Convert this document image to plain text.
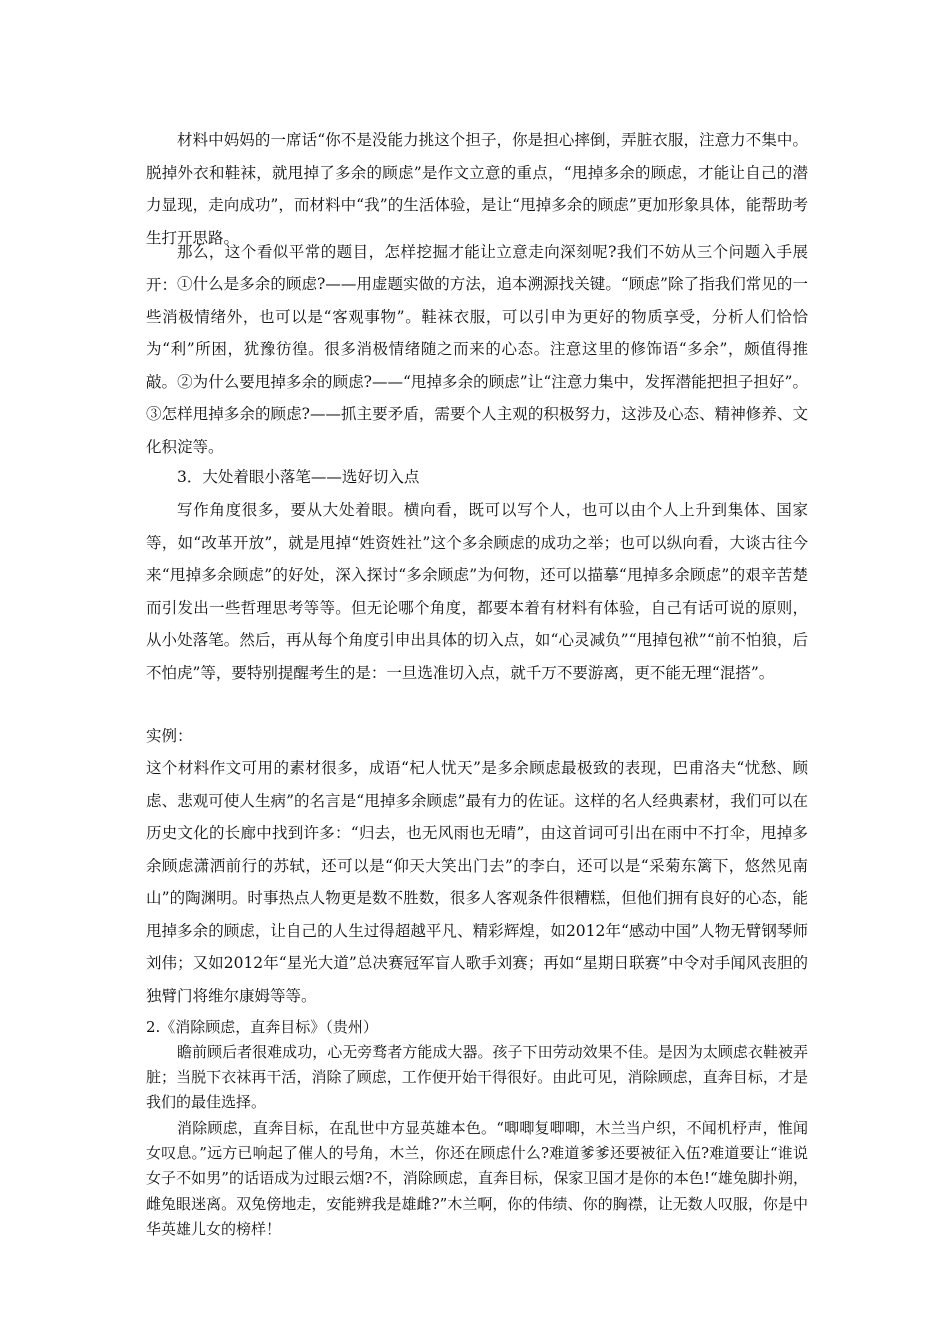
材料中妈妈的一席话“你不是没能力挑这个担子，你是担心摔倒，弄脏衣服，注意力不集中。脱掉外衣和鞋袜，就甩掉了多余的顾虑”是作文立意的重点，“甩掉多余的顾虑，才能让自己的潜力显现，走向成功”，而材料中“我”的生活体验，是让“甩掉多余的顾虑”更加形象具体，能帮助考生打开思路。

那么，这个看似平常的题目，怎样挖掘才能让立意走向深刻呢?我们不妨从三个问题入手展开： ①什么是多余的顾虑?——用虚题实做的方法，追本溯源找关键。“顾虑”除了指我们常见的一些消极情绪外，也可以是“客观事物”。鞋袜衣服，可以引申为更好的物质享受，分析人们恰恰为“利”所困，犹豫彷徨。很多消极情绪随之而来的心态。注意这里的修饰语“多余”，颇值得推敲。②为什么要甩掉多余的顾虑?——“甩掉多余的顾虑”让“注意力集中，发挥潜能把担子担好”。③怎样甩掉多余的顾虑?——抓主要矛盾，需要个人主观的积极努力，这涉及心态、精神修养、文化积淀等。

3．大处着眼小落笔——选好切入点

写作角度很多，要从大处着眼。横向看，既可以写个人，也可以由个人上升到集体、国家等，如“改革开放”，就是甩掉“姓资姓社”这个多余顾虑的成功之举；也可以纵向看，大谈古往今来“甩掉多余顾虑”的好处，深入探讨“多余顾虑”为何物，还可以描摹“甩掉多余顾虑”的艰辛苦楚而引发出一些哲理思考等等。但无论哪个角度，都要本着有材料有体验，自己有话可说的原则，从小处落笔。然后，再从每个角度引申出具体的切入点，如“心灵减负”“甩掉包袱”“前不怕狼，后不怕虎”等，要特别提醒考生的是：一旦选准切入点，就千万不要游离，更不能无理“混搭”。

实例：

这个材料作文可用的素材很多，成语“杞人忧天”是多余顾虑最极致的表现，巴甫洛夫“忧愁、顾虑、悲观可使人生病”的名言是“甩掉多余顾虑”最有力的佐证。这样的名人经典素材，我们可以在历史文化的长廊中找到许多：“归去，也无风雨也无晴”，由这首词可引出在雨中不打伞，甩掉多余顾虑潇洒前行的苏轼，还可以是“仰天大笑出门去”的李白，还可以是“采菊东篱下，悠然见南山”的陶渊明。时事热点人物更是数不胜数，很多人客观条件很糟糕，但他们拥有良好的心态，能甩掉多余的顾虑，让自己的人生过得超越平凡、精彩辉煌，如2012年“感动中国”人物无臂钢琴师刘伟；又如2012年“星光大道”总决赛冠军盲人歌手刘赛；再如“星期日联赛”中令对手闻风丧胆的独臂门将维尔康姆等等。

2.《消除顾虑，直奔目标》（贵州）

瞻前顾后者很难成功，心无旁骛者方能成大器。孩子下田劳动效果不佳。是因为太顾虑衣鞋被弄脏；当脱下衣袜再干活，消除了顾虑，工作便开始干得很好。由此可见，消除顾虑，直奔目标，才是我们的最佳选择。

消除顾虑，直奔目标，在乱世中方显英雄本色。“唧唧复唧唧，木兰当户织，不闻机杼声，惟闻女叹息。”远方已响起了催人的号角，木兰，你还在顾虑什么?难道爹爹还要被征入伍?难道要让“谁说女子不如男”的话语成为过眼云烟?不，消除顾虑，直奔目标，保家卫国才是你的本色!“雄兔脚扑朔，雌兔眼迷离。双兔傍地走，安能辨我是雄雌?”木兰啊，你的伟绩、你的胸襟，让无数人叹服，你是中华英雄儿女的榜样！
